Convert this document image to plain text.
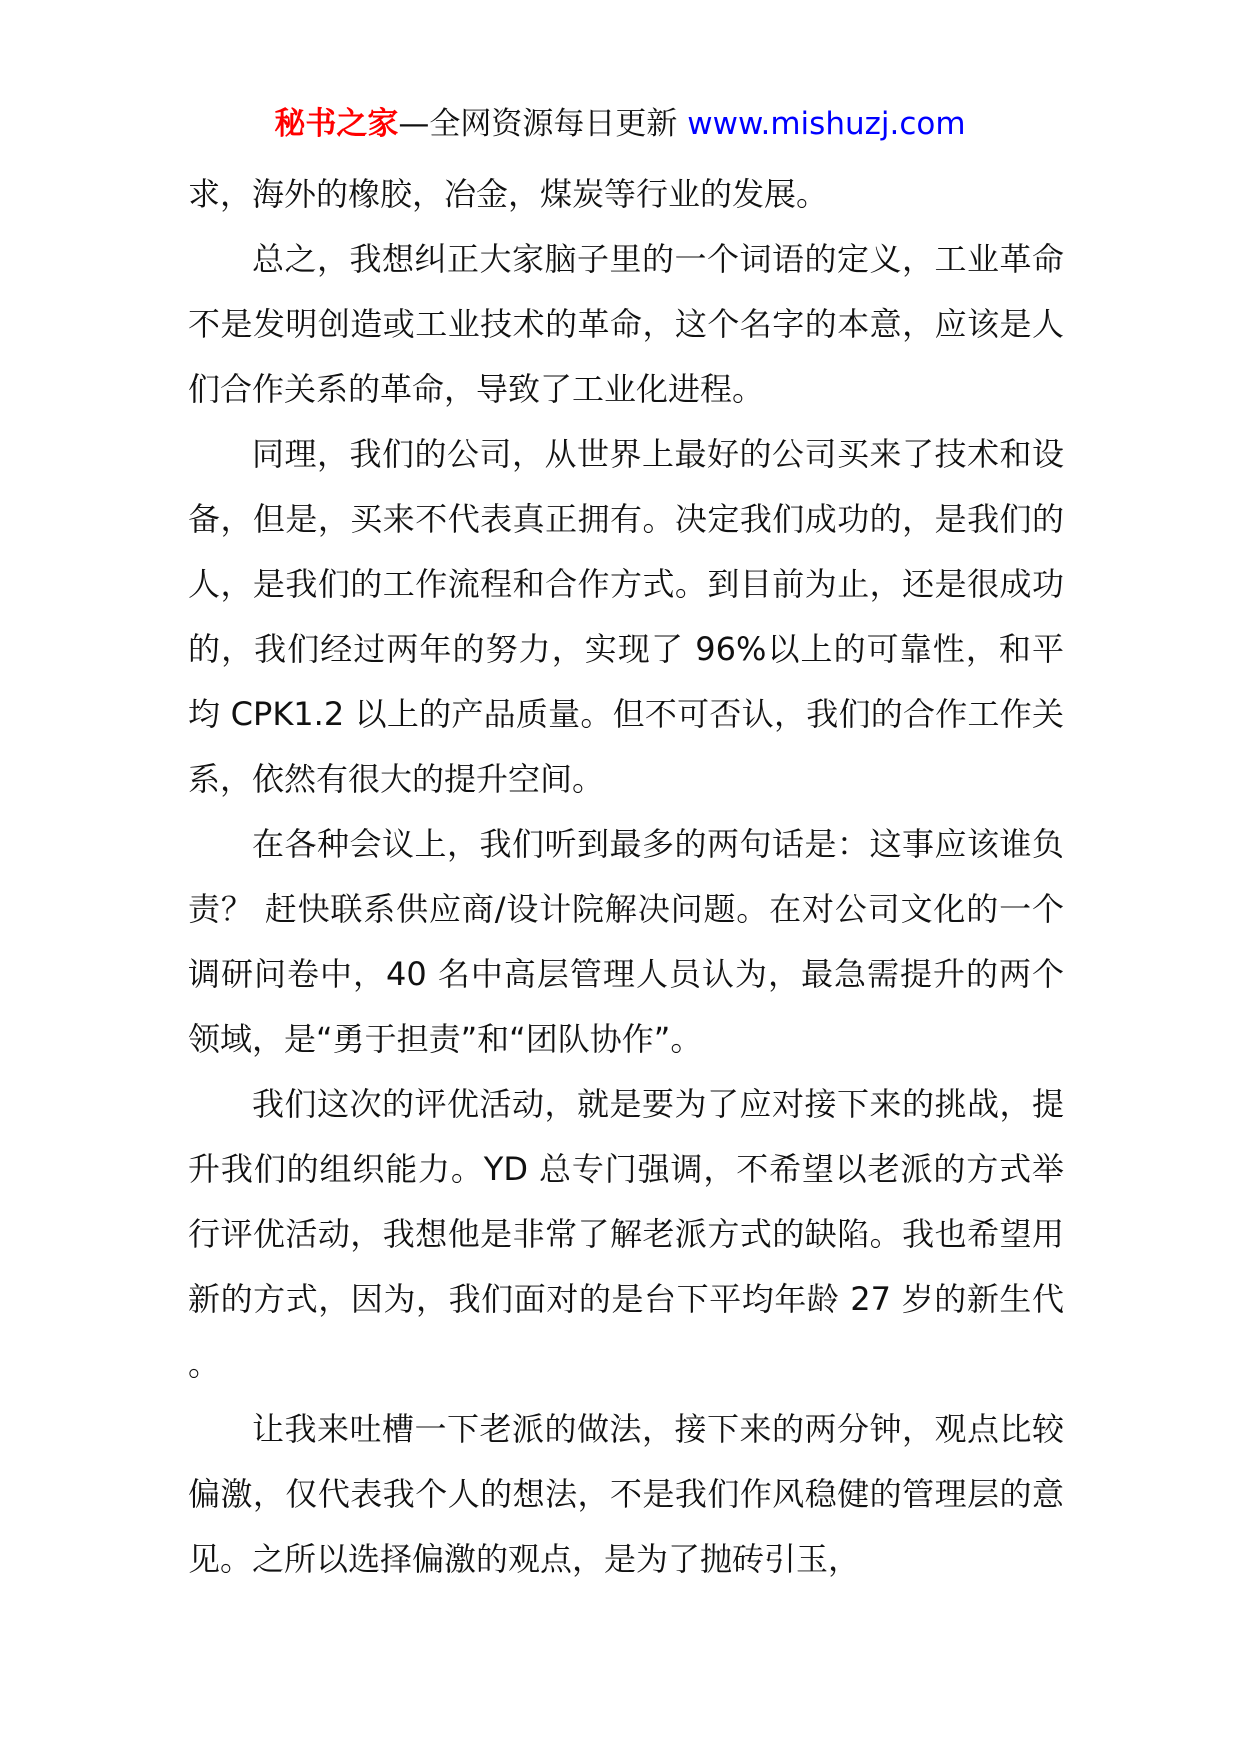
秘书之家—全网资源每日更新 www.mishuzj.com

求，海外的橡胶，冶金，煤炭等行业的发展。

总之，我想纠正大家脑子里的一个词语的定义，工业革命不是发明创造或工业技术的革命，这个名字的本意，应该是人们合作关系的革命，导致了工业化进程。

同理，我们的公司，从世界上最好的公司买来了技术和设备，但是，买来不代表真正拥有。决定我们成功的，是我们的人，是我们的工作流程和合作方式。到目前为止，还是很成功的，我们经过两年的努力，实现了 96%以上的可靠性，和平均 CPK1.2 以上的产品质量。但不可否认，我们的合作工作关系，依然有很大的提升空间。

在各种会议上，我们听到最多的两句话是：这事应该谁负责？ 赶快联系供应商/设计院解决问题。在对公司文化的一个调研问卷中，40 名中高层管理人员认为，最急需提升的两个领域，是“勇于担责”和“团队协作”。

我们这次的评优活动，就是要为了应对接下来的挑战，提升我们的组织能力。YD 总专门强调，不希望以老派的方式举行评优活动，我想他是非常了解老派方式的缺陷。我也希望用新的方式，因为，我们面对的是台下平均年龄 27 岁的新生代。

让我来吐槽一下老派的做法，接下来的两分钟，观点比较偏激，仅代表我个人的想法，不是我们作风稳健的管理层的意见。之所以选择偏激的观点，是为了抛砖引玉，
